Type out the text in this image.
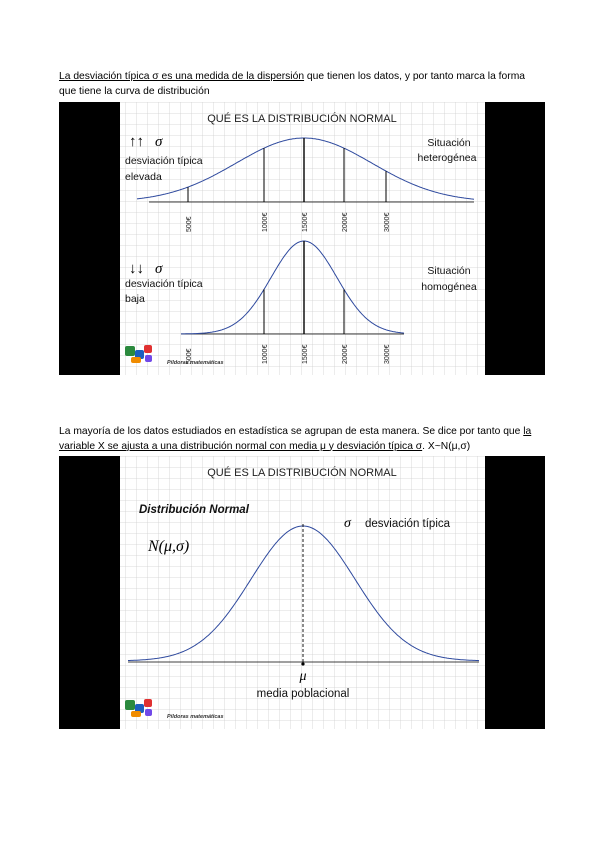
La desviación típica σ es una medida de la dispersión que tienen los datos, y por tanto marca la forma que tiene la curva de distribución
QUÉ ES LA DISTRIBUCIÓN NORMAL
↑↑ σ
desviación típica
elevada
Situación
heterogénea
500€	1000€	1500€	2000€	3000€
↓↓ σ
desviación típica
baja
Situación
homogénea
500€	1000€	1500€	2000€	3000€
Píldoras matemáticas
La mayoría de los datos estudiados en estadística se agrupan de esta manera. Se dice por tanto que la variable X se ajusta a una distribución normal con media μ y desviación típica σ. X~N(μ,σ)
QUÉ ES LA DISTRIBUCIÓN NORMAL
Distribución Normal
N(μ,σ)
σ desviación típica
μ
media poblacional
Píldoras matemáticas
